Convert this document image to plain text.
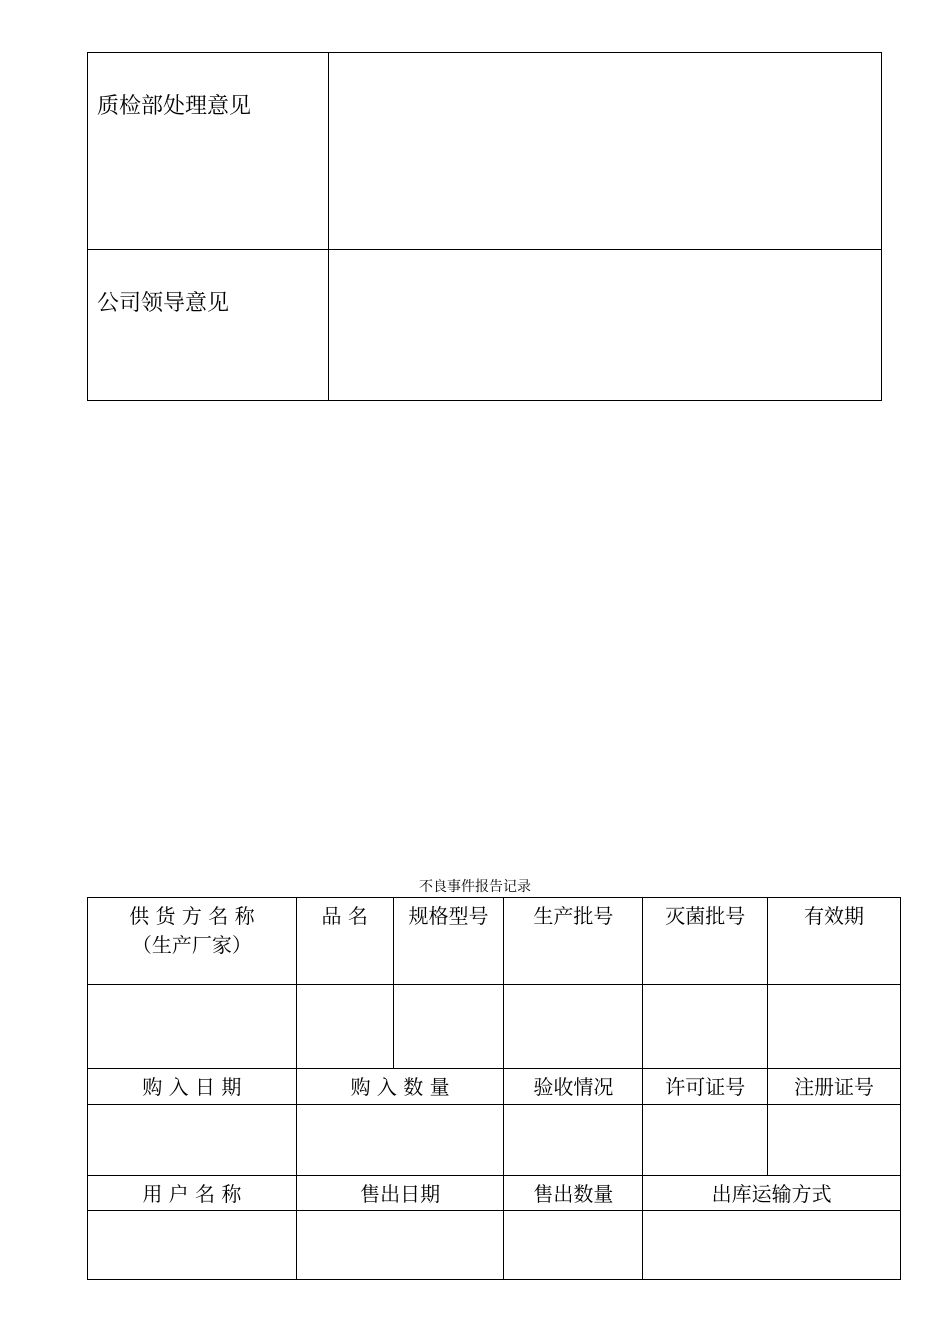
质检部处理意见	
公司领导意见	
不良事件报告记录
供 货 方 名 称
（生产厂家）	品 名	规格型号	生产批号	灭菌批号	有效期

购 入 日 期	购 入 数 量		验收情况	许可证号	注册证号

用 户 名 称	售出日期		售出数量	出库运输方式	
